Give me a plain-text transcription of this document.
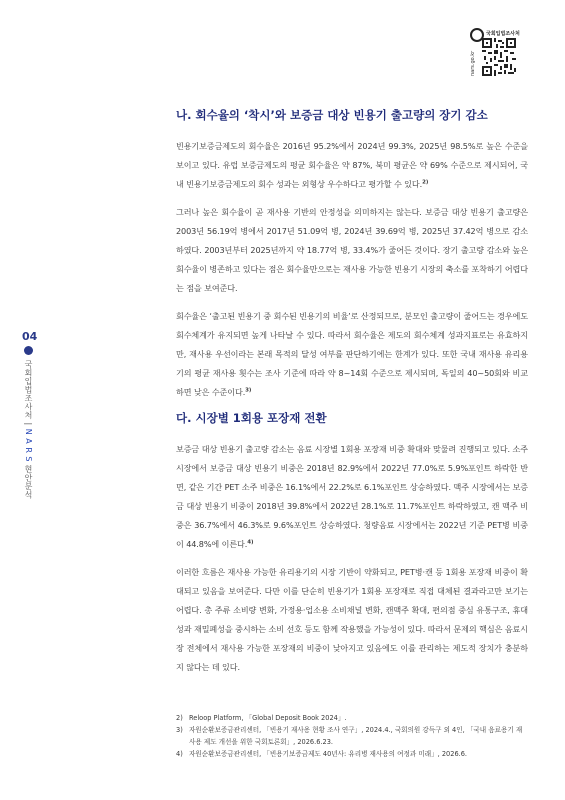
국회입법조사처
nars.go.kr
04
국회입법조사처 | N A R S 현안분석
나. 회수율의 ‘착시’와 보증금 대상 빈용기 출고량의 장기 감소

빈용기보증금제도의 회수율은 2016년 95.2%에서 2024년 99.3%, 2025년 98.5%로 높은 수준을 보이고 있다. 유럽 보증금제도의 평균 회수율은 약 87%, 북미 평균은 약 69% 수준으로 제시되어, 국내 빈용기보증금제도의 회수 성과는 외형상 우수하다고 평가할 수 있다.$^{2)}$

그러나 높은 회수율이 곧 재사용 기반의 안정성을 의미하지는 않는다. 보증금 대상 빈용기 출고량은 2003년 56.19억 병에서 2017년 51.09억 병, 2024년 39.69억 병, 2025년 37.42억 병으로 감소하였다. 2003년부터 2025년까지 약 18.77억 병, 33.4%가 줄어든 것이다. 장기 출고량 감소와 높은 회수율이 병존하고 있다는 점은 회수율만으로는 재사용 가능한 빈용기 시장의 축소를 포착하기 어렵다는 점을 보여준다.

회수율은 ‘출고된 빈용기 중 회수된 빈용기의 비율’로 산정되므로, 분모인 출고량이 줄어드는 경우에도 회수체계가 유지되면 높게 나타날 수 있다. 따라서 회수율은 제도의 회수체계 성과지표로는 유효하지만, 재사용 우선이라는 본래 목적의 달성 여부를 판단하기에는 한계가 있다. 또한 국내 재사용 유리용기의 평균 재사용 횟수는 조사 기준에 따라 약 8~14회 수준으로 제시되며, 독일의 40~50회와 비교하면 낮은 수준이다.$^{3)}$

다. 시장별 1회용 포장재 전환

보증금 대상 빈용기 출고량 감소는 음료 시장별 1회용 포장재 비중 확대와 맞물려 진행되고 있다. 소주 시장에서 보증금 대상 빈용기 비중은 2018년 82.9%에서 2022년 77.0%로 5.9%포인트 하락한 반면, 같은 기간 PET 소주 비중은 16.1%에서 22.2%로 6.1%포인트 상승하였다. 맥주 시장에서는 보증금 대상 빈용기 비중이 2018년 39.8%에서 2022년 28.1%로 11.7%포인트 하락하였고, 캔 맥주 비중은 36.7%에서 46.3%로 9.6%포인트 상승하였다. 청량음료 시장에서는 2022년 기준 PET병 비중이 44.8%에 이른다.$^{4)}$

이러한 흐름은 재사용 가능한 유리용기의 시장 기반이 약화되고, PET병·캔 등 1회용 포장재 비중이 확대되고 있음을 보여준다. 다만 이를 단순히 빈용기가 1회용 포장재로 직접 대체된 결과라고만 보기는 어렵다. 총 주류 소비량 변화, 가정용·업소용 소비채널 변화, 캔맥주 확대, 편의점 중심 유통구조, 휴대성과 재밀폐성을 중시하는 소비 선호 등도 함께 작용했을 가능성이 있다. 따라서 문제의 핵심은 음료시장 전체에서 재사용 가능한 포장재의 비중이 낮아지고 있음에도 이를 관리하는 제도적 장치가 충분하지 않다는 데 있다.

2) Reloop Platform, 「Global Deposit Book 2024」.
3) 자원순환보증금관리센터, 「빈용기 재사용 현황 조사 연구」, 2024.4., 국회의원 강득구 외 4인, 「국내 음료용기 재
사용 제도 개선을 위한 국회토론회」, 2026.6.23.
4) 자원순환보증금관리센터, 「빈용기보증금제도 40년사: 유리병 재사용의 여정과 미래」, 2026.6.
